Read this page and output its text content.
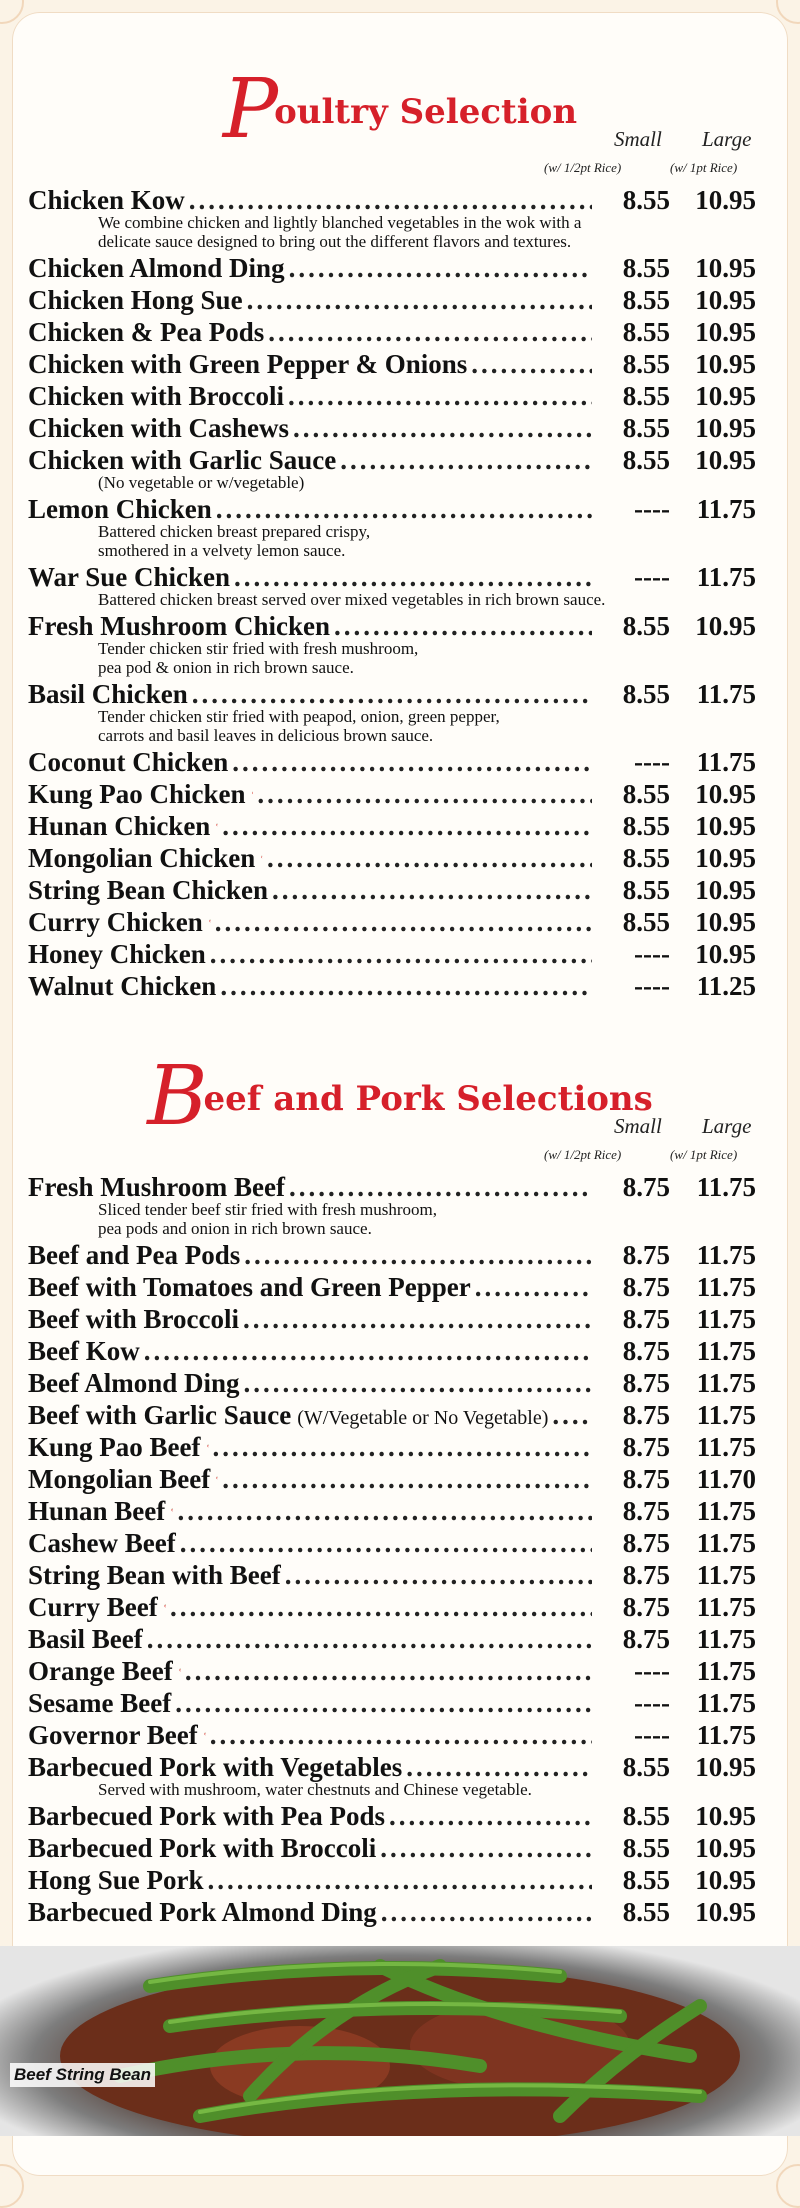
Poultry Selection
Small Large
(w/ 1/2pt Rice)	(w/ 1pt Rice)
Chicken Kow .....	8.55 10.95
We combine chicken and lightly blanched vegetables in the wok with a
delicate sauce designed to bring out the different flavors and textures.
Chicken Almond Ding .....	8.55 10.95
Chicken Hong Sue .....	8.55 10.95
Chicken & Pea Pods .....	8.55 10.95
Chicken with Green Pepper & Onions .....	8.55 10.95
Chicken with Broccoli .....	8.55 10.95
Chicken with Cashews .....	8.55 10.95
Chicken with Garlic Sauce .....	8.55 10.95
(No vegetable or w/vegetable)
Lemon Chicken .....	---- 11.75
Battered chicken breast prepared crispy,
smothered in a velvety lemon sauce.
War Sue Chicken .....	---- 11.75
Battered chicken breast served over mixed vegetables in rich brown sauce.
Fresh Mushroom Chicken .....	8.55 10.95
Tender chicken stir fried with fresh mushroom,
pea pod & onion in rich brown sauce.
Basil Chicken .....	8.55 11.75
Tender chicken stir fried with peapod, onion, green pepper,
carrots and basil leaves in delicious brown sauce.
Coconut Chicken .....	---- 11.75
Kung Pao Chicken .....	8.55 10.95
Hunan Chicken .....	8.55 10.95
Mongolian Chicken .....	8.55 10.95
String Bean Chicken .....	8.55 10.95
Curry Chicken .....	8.55 10.95
Honey Chicken .....	---- 10.95
Walnut Chicken .....	---- 11.25
Beef and Pork Selections
Small Large
(w/ 1/2pt Rice)	(w/ 1pt Rice)
Fresh Mushroom Beef .....	8.75 11.75
Sliced tender beef stir fried with fresh mushroom,
pea pods and onion in rich brown sauce.
Beef and Pea Pods .....	8.75 11.75
Beef with Tomatoes and Green Pepper .....	8.75 11.75
Beef with Broccoli .....	8.75 11.75
Beef Kow .....	8.75 11.75
Beef Almond Ding .....	8.75 11.75
Beef with Garlic Sauce (W/Vegetable or No Vegetable) .....	8.75 11.75
Kung Pao Beef .....	8.75 11.75
Mongolian Beef .....	8.75 11.70
Hunan Beef .....	8.75 11.75
Cashew Beef .....	8.75 11.75
String Bean with Beef .....	8.75 11.75
Curry Beef .....	8.75 11.75
Basil Beef .....	8.75 11.75
Orange Beef .....	---- 11.75
Sesame Beef .....	---- 11.75
Governor Beef .....	---- 11.75
Barbecued Pork with Vegetables .....	8.55 10.95
Served with mushroom, water chestnuts and Chinese vegetable.
Barbecued Pork with Pea Pods .....	8.55 10.95
Barbecued Pork with Broccoli .....	8.55 10.95
Hong Sue Pork .....	8.55 10.95
Barbecued Pork Almond Ding .....	8.55 10.95
Beef String Bean
